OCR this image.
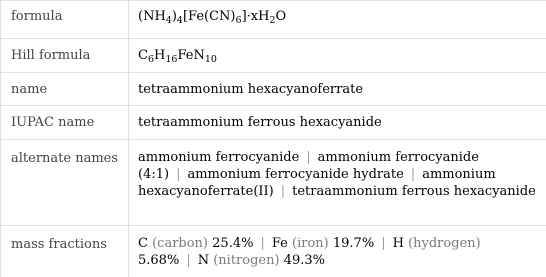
formula	$(NH_4)_4[Fe(CN)_6]\cdot xH_2O$
Hill formula	$C_6H_{16}FeN_{10}$
name	tetraammonium hexacyanoferrate
IUPAC name	tetraammonium ferrous hexacyanide
alternate names	ammonium ferrocyanide | ammonium ferrocyanide (4:1) | ammonium ferrocyanide hydrate | ammonium hexacyanoferrate(II) | tetraammonium ferrous hexacyanide
mass fractions	C (carbon) 25.4% | Fe (iron) 19.7% | H (hydrogen) 5.68% | N (nitrogen) 49.3%
